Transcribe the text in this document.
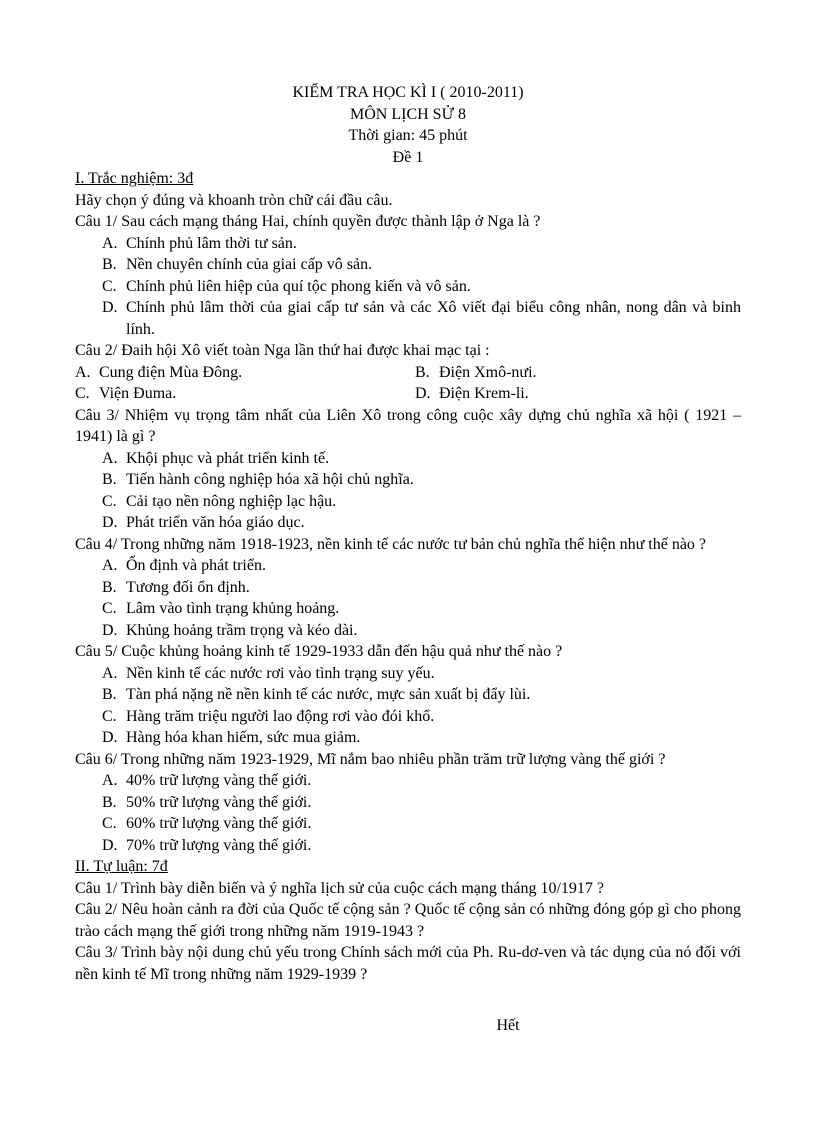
KIỂM TRA HỌC KÌ I ( 2010-2011)
MÔN LỊCH SỬ 8
Thời gian: 45 phút
Đề 1
I. Trắc nghiệm: 3đ
Hãy chọn ý đúng và khoanh tròn chữ cái đầu câu.
Câu 1/ Sau cách mạng tháng Hai, chính quyền được thành lập ở Nga là ?
A. Chính phủ lâm thời tư sản.
B. Nền chuyên chính của giai cấp vô sản.
C. Chính phủ liên hiệp của quí tộc phong kiến và vô sản.
D. Chính phủ lâm thời của giai cấp tư sản và các Xô viết đại biểu công nhân, nong dân và binh lính.
Câu 2/ Đaih hội Xô viết toàn Nga lần thứ hai được khai mạc tại :
A. Cung điện Mùa Đông.	B. Điện Xmô-nưi.
C. Viện Đuma.	D. Điện Krem-li.
Câu 3/ Nhiệm vụ trọng tâm nhất của Liên Xô trong công cuộc xây dựng chủ nghĩa xã hội ( 1921 – 1941) là gì ?
A. Khội phục và phát triển kinh tế.
B. Tiến hành công nghiệp hóa xã hội chủ nghĩa.
C. Cải tạo nền nông nghiệp lạc hậu.
D. Phát triển văn hóa giáo dục.
Câu 4/ Trong những năm 1918-1923, nền kinh tế các nước tư bản chủ nghĩa thể hiện như thế nào ?
A. Ổn định và phát triển.
B. Tương đối ổn định.
C. Lâm vào tình trạng khủng hoảng.
D. Khủng hoảng trầm trọng và kéo dài.
Câu 5/ Cuộc khủng hoảng kinh tế 1929-1933 dẫn đến hậu quả như thế nào ?
A. Nền kinh tế các nước rơi vào tình trạng suy yếu.
B. Tàn phá nặng nề nền kinh tế các nước, mực sản xuất bị đẩy lùi.
C. Hàng trăm triệu người lao động rơi vào đói khổ.
D. Hàng hóa khan hiếm, sức mua giảm.
Câu 6/ Trong những năm 1923-1929, Mĩ nắm bao nhiêu phần trăm trữ lượng vàng thế giới ?
A. 40% trữ lượng vàng thế giới.
B. 50% trữ lượng vàng thế giới.
C. 60% trữ lượng vàng thế giới.
D. 70% trữ lượng vàng thế giới.
II. Tự luận: 7đ
Câu 1/ Trình bày diễn biến và ý nghĩa lịch sử của cuộc cách mạng tháng 10/1917 ?
Câu 2/ Nêu hoàn cảnh ra đời của Quốc tế cộng sản ? Quốc tế cộng sản có những đóng góp gì cho phong trào cách mạng thế giới trong những năm 1919-1943 ?
Câu 3/ Trình bày nội dung chủ yếu trong Chính sách mới của Ph. Ru-dơ-ven và tác dụng của nó đối với nền kinh tế Mĩ trong những năm 1929-1939 ?
Hết
